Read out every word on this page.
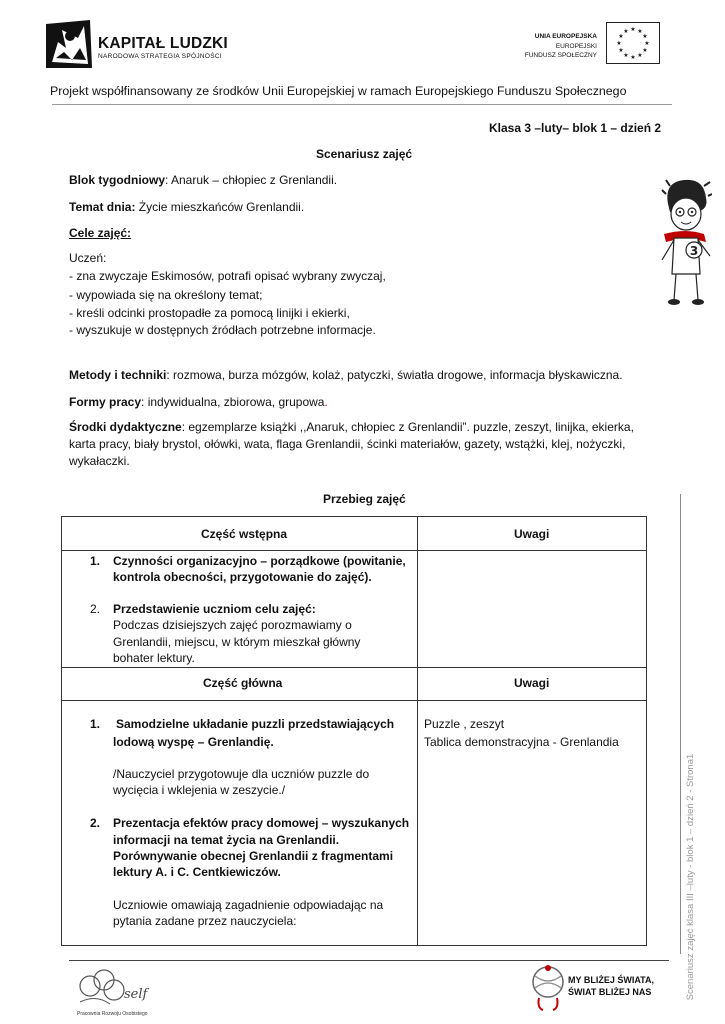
KAPITAŁ LUDZKI
NARODOWA STRATEGIA SPÓJNOŚCI
UNIA EUROPEJSKA
EUROPEJSKI
FUNDUSZ SPOŁECZNY
★ ★
★
★
★
★
★
★
★
★
★
★
Projekt współfinansowany ze środków Unii Europejskiej w ramach Europejskiego Funduszu Społecznego
Klasa 3 –luty– blok 1 – dzień 2
Scenariusz zajęć
Blok tygodniowy: Anaruk – chłopiec z Grenlandii.
Temat dnia: Życie mieszkańców Grenlandii.
Cele zajęć:
Uczeń:
- zna zwyczaje Eskimosów, potrafi opisać wybrany zwyczaj,
- wypowiada się na określony temat;
- kreśli odcinki prostopadłe za pomocą linijki i ekierki,
- wyszukuje w dostępnych źródłach potrzebne informacje.
Metody i techniki: rozmowa, burza mózgów, kolaż, patyczki, światła drogowe, informacja błyskawiczna.
Formy pracy: indywidualna, zbiorowa, grupowa.
Środki dydaktyczne: egzemplarze książki ,,Anaruk, chłopiec z Grenlandii”. puzzle, zeszyt, linijka, ekierka,
karta pracy, biały brystol, ołówki, wata, flaga Grenlandii, ścinki materiałów, gazety, wstążki, klej, nożyczki,
wykałaczki.
Przebieg zajęć
3
Scenariusz zajęć klasa III –luty - blok 1 – dzień 2 - Strona1
Część wstępna	Uwagi
1. Czynności organizacyjno – porządkowe (powitanie,
kontrola obecności, przygotowanie do zajęć).
2. Przedstawienie uczniom celu zajęć:
Podczas dzisiejszych zajęć porozmawiamy o
Grenlandii, miejscu, w którym mieszkał główny
bohater lektury.
Część główna	Uwagi
1. Samodzielne układanie puzzli przedstawiających
lodową wyspę – Grenlandię.
/Nauczyciel przygotowuje dla uczniów puzzle do
wycięcia i wklejenia w zeszycie./
2. Prezentacja efektów pracy domowej – wyszukanych
informacji na temat życia na Grenlandii.
Porównywanie obecnej Grenlandii z fragmentami
lektury A. i C. Centkiewiczów.
Uczniowie omawiają zagadnienie odpowiadając na
pytania zadane przez nauczyciela:
Puzzle , zeszyt
Tablica demonstracyjna - Grenlandia
self
Pracownia Rozwoju Osobistego
MY BLIŻEJ ŚWIATA,
ŚWIAT BLIŻEJ NAS
